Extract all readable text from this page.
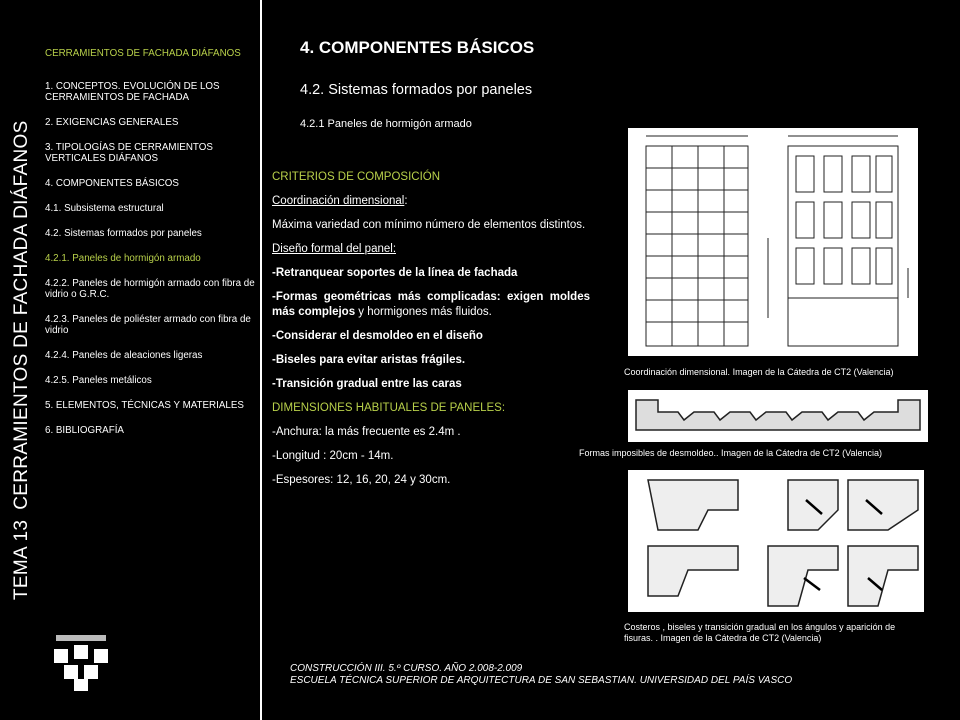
TEMA 13CERRAMIENTOS DE FACHADA DIÁFANOS
CERRAMIENTOS DE FACHADA DIÁFANOS
1. CONCEPTOS. EVOLUCIÓN DE LOS CERRAMIENTOS DE FACHADA
2. EXIGENCIAS GENERALES
3. TIPOLOGÍAS DE CERRAMIENTOS VERTICALES DIÁFANOS
4. COMPONENTES BÁSICOS
4.1. Subsistema estructural
4.2. Sistemas formados por paneles
4.2.1. Paneles de hormigón armado
4.2.2. Paneles de hormigón armado con fibra de vidrio o G.R.C.
4.2.3. Paneles de poliéster armado con fibra de vidrio
4.2.4. Paneles de aleaciones ligeras
4.2.5. Paneles metálicos
5. ELEMENTOS, TÉCNICAS Y MATERIALES
6. BIBLIOGRAFÍA
4. COMPONENTES BÁSICOS
4.2. Sistemas formados por paneles
4.2.1 Paneles de hormigón armado

CRITERIOS DE COMPOSICIÓN

Coordinación dimensional:

Máxima variedad con mínimo número de elementos distintos.

Diseño formal del panel:

-Retranquear soportes de la línea de fachada

-Formas geométricas más complicadas: exigen moldes más complejos y hormigones más fluidos.

-Considerar el desmoldeo en el diseño

-Biseles para evitar aristas frágiles.

-Transición gradual entre las caras

DIMENSIONES HABITUALES DE PANELES:

-Anchura: la más frecuente es 2.4m .

-Longitud : 20cm - 14m.

-Espesores: 12, 16, 20, 24 y 30cm.

Coordinación dimensional. Imagen de la Cátedra de CT2 (Valencia)
Formas imposibles de desmoldeo.. Imagen de la Cátedra de CT2 (Valencia)
Costeros , biseles y transición gradual en los ángulos y aparición de fisuras. . Imagen de la Cátedra de CT2 (Valencia)
CONSTRUCCIÓN III. 5.º CURSO. AÑO 2.008-2.009
ESCUELA TÉCNICA SUPERIOR DE ARQUITECTURA DE SAN SEBASTIAN. UNIVERSIDAD DEL PAÍS VASCO
